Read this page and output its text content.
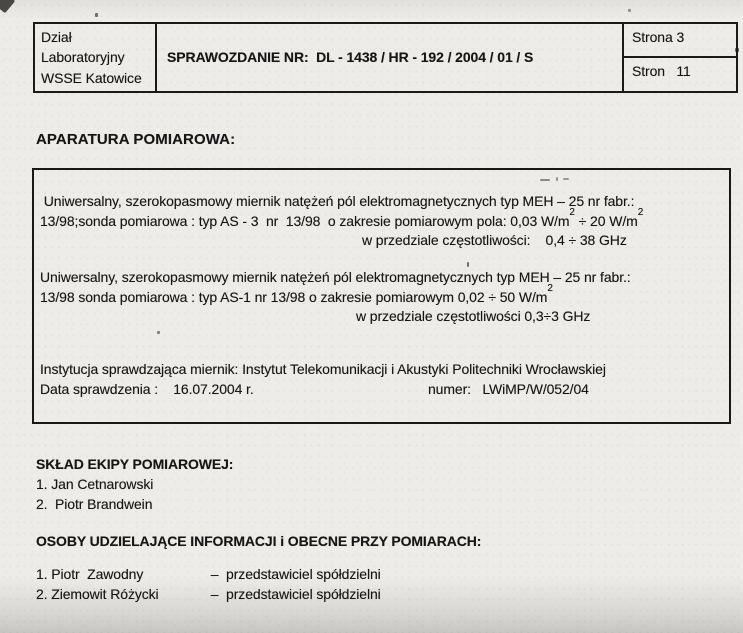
Dział
Laboratoryjny
WSSE Katowice
SPRAWOZDANIE NR:  DL - 1438 / HR - 192 / 2004 / 01 / S
Strona 3
Stron   11
APARATURA POMIAROWA:
Uniwersalny, szerokopasmowy miernik natężeń pól elektromagnetycznych typ MEH – 25 nr fabr.:
13/98;sonda pomiarowa : typ AS - 3  nr  13/98  o zakresie pomiarowym pola: 0,03 $W/m^2 \div 20$ $W/m^2$
w przedziale częstotliwości:    0,4 ÷ 38 GHz
Uniwersalny, szerokopasmowy miernik natężeń pól elektromagnetycznych typ MEH – 25 nr fabr.:
13/98 sonda pomiarowa : typ AS-1 nr 13/98 o zakresie pomiarowym 0,02 ÷ 50 $W/m^2$
w przedziale częstotliwości 0,3÷3 GHz
Instytucja sprawdzająca miernik: Instytut Telekomunikacji i Akustyki Politechniki Wrocławskiej
Data sprawdzenia :    16.07.2004 r.	numer:   LWiMP/W/052/04
SKŁAD EKIPY POMIAROWEJ:
1. Jan Cetnarowski
2.  Piotr Brandwein
OSOBY UDZIELAJĄCE INFORMACJI i OBECNE PRZY POMIARACH:
1. Piotr  Zawodny	–  przedstawiciel spółdzielni
2. Ziemowit Różycki	–  przedstawiciel spółdzielni
